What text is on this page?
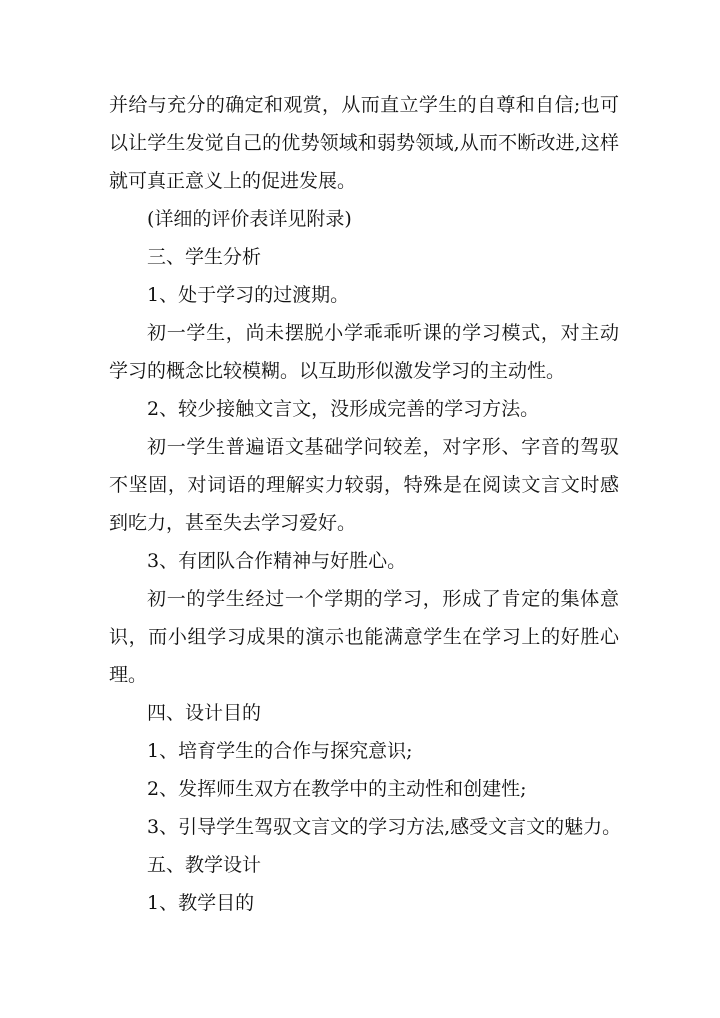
并给与充分的确定和观赏，从而直立学生的自尊和自信;也可以让学生发觉自己的优势领域和弱势领域,从而不断改进,这样就可真正意义上的促进发展。

(详细的评价表详见附录)

三、学生分析

1、处于学习的过渡期。

初一学生，尚未摆脱小学乖乖听课的学习模式，对主动学习的概念比较模糊。以互助形似激发学习的主动性。

2、较少接触文言文，没形成完善的学习方法。

初一学生普遍语文基础学问较差，对字形、字音的驾驭不坚固，对词语的理解实力较弱，特殊是在阅读文言文时感到吃力，甚至失去学习爱好。

3、有团队合作精神与好胜心。

初一的学生经过一个学期的学习，形成了肯定的集体意识，而小组学习成果的演示也能满意学生在学习上的好胜心理。

四、设计目的

1、培育学生的合作与探究意识;

2、发挥师生双方在教学中的主动性和创建性;

3、引导学生驾驭文言文的学习方法,感受文言文的魅力。

五、教学设计

1、教学目的
